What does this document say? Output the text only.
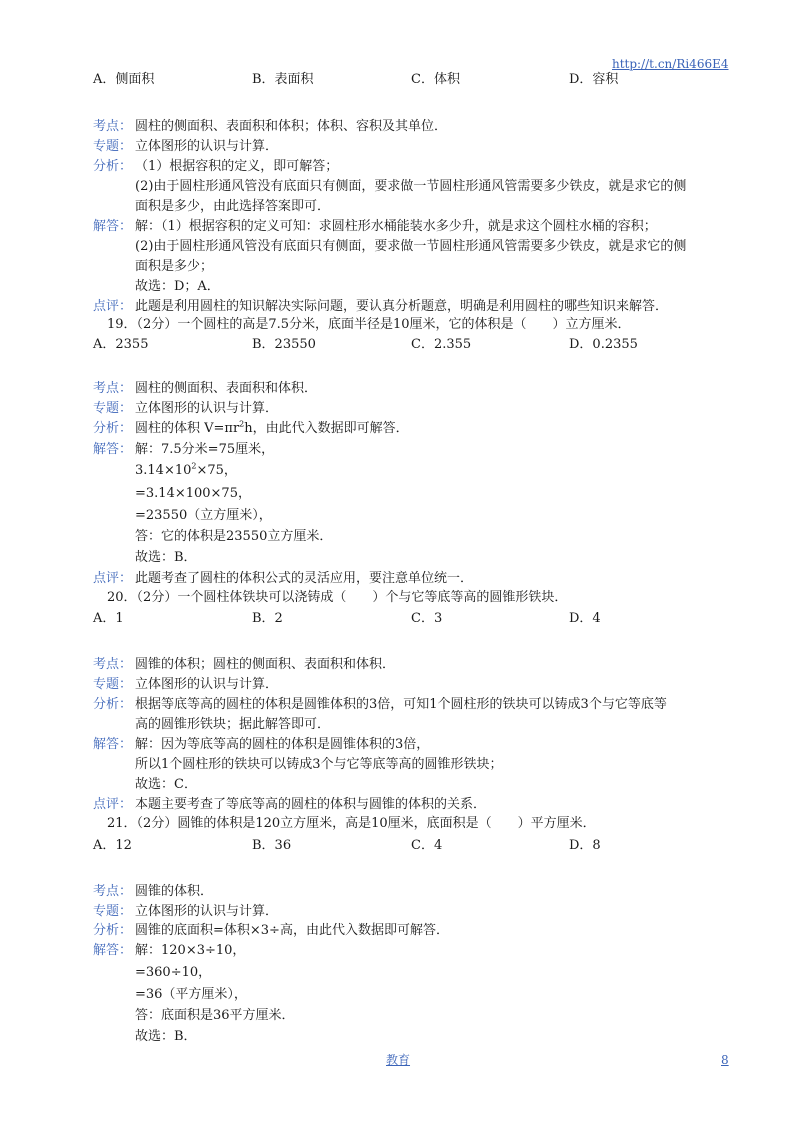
http://t.cn/Ri466E4
A．侧面积	B．表面积	C．体积	D．容积
考点： 圆柱的侧面积、表面积和体积；体积、容积及其单位．
专题： 立体图形的认识与计算．
分析： （1）根据容积的定义，即可解答；
(2)由于圆柱形通风管没有底面只有侧面，要求做一节圆柱形通风管需要多少铁皮，就是求它的侧
面积是多少，由此选择答案即可．
解答： 解：（1）根据容积的定义可知：求圆柱形水桶能装水多少升，就是求这个圆柱水桶的容积；
(2)由于圆柱形通风管没有底面只有侧面，要求做一节圆柱形通风管需要多少铁皮，就是求它的侧
面积是多少；
故选：D；A．
点评： 此题是利用圆柱的知识解决实际问题，要认真分析题意，明确是利用圆柱的哪些知识来解答．
19．（2分）一个圆柱的高是7.5分米，底面半径是10厘米，它的体积是（　　）立方厘米．
A．2355	B．23550	C．2.355	D．0.2355
考点： 圆柱的侧面积、表面积和体积．
专题： 立体图形的认识与计算．
分析： 圆柱的体积 $V=\pi r^2h$，由此代入数据即可解答．
解答： 解：7.5分米=75厘米，
$3.14\times 10^2\times 75$，
=3.14×100×75，
=23550（立方厘米），
答：它的体积是23550立方厘米．
故选：B．
点评： 此题考查了圆柱的体积公式的灵活应用，要注意单位统一．
20．（2分）一个圆柱体铁块可以浇铸成（　　）个与它等底等高的圆锥形铁块．
A．1	B．2	C．3	D．4
考点： 圆锥的体积；圆柱的侧面积、表面积和体积．
专题： 立体图形的认识与计算．
分析： 根据等底等高的圆柱的体积是圆锥体积的3倍，可知1个圆柱形的铁块可以铸成3个与它等底等
高的圆锥形铁块；据此解答即可．
解答： 解：因为等底等高的圆柱的体积是圆锥体积的3倍，
所以1个圆柱形的铁块可以铸成3个与它等底等高的圆锥形铁块；
故选：C．
点评： 本题主要考查了等底等高的圆柱的体积与圆锥的体积的关系．
21．（2分）圆锥的体积是120立方厘米，高是10厘米，底面积是（　　）平方厘米．
A．12	B．36	C．4	D．8
考点： 圆锥的体积．
专题： 立体图形的认识与计算．
分析： 圆锥的底面积=体积×3÷高，由此代入数据即可解答．
解答： 解：120×3÷10，
=360÷10，
=36（平方厘米），
答：底面积是36平方厘米．
故选：B．
教育	8
